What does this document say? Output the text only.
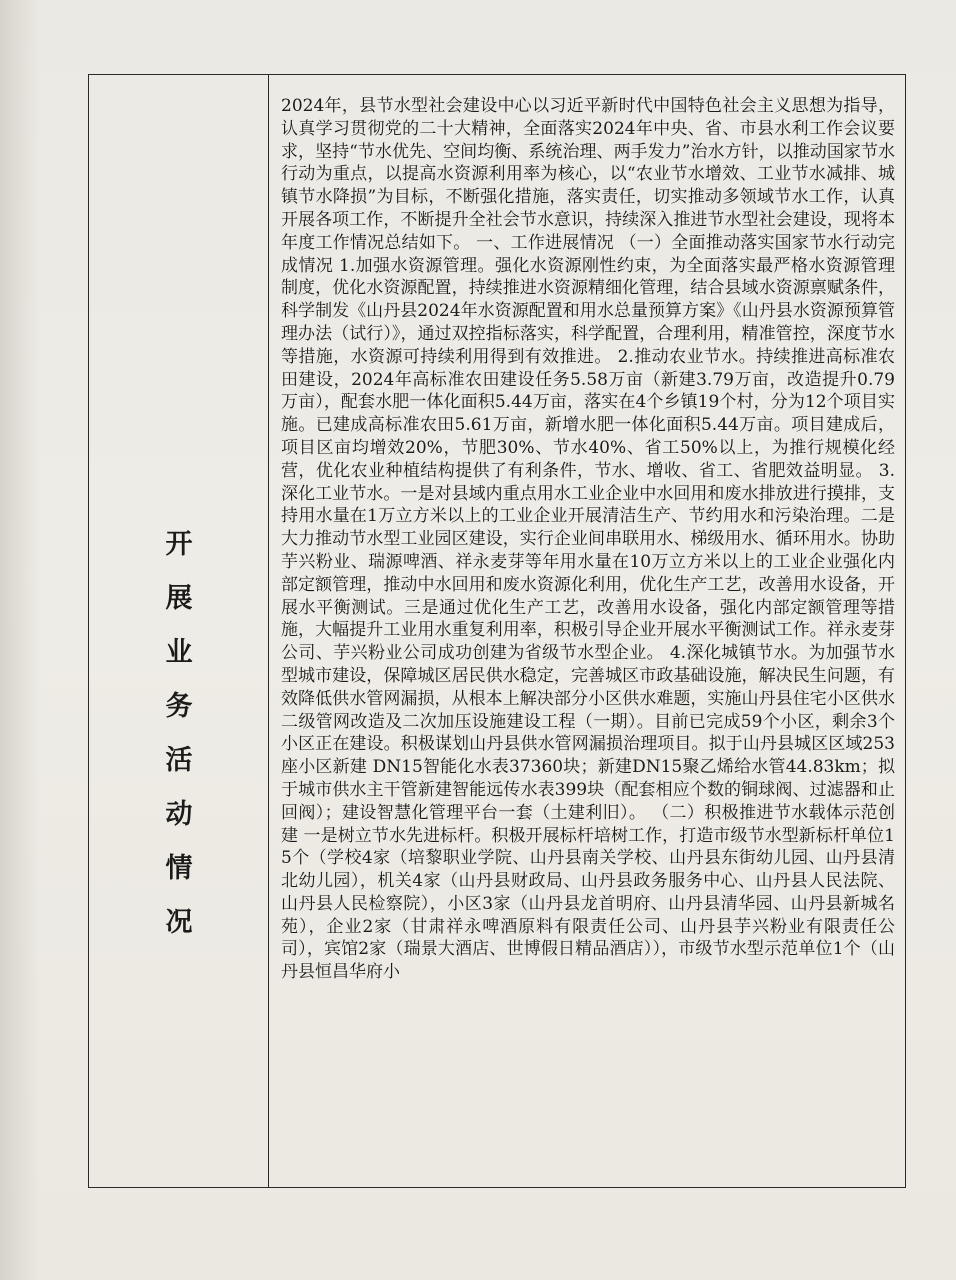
开展业务活动情况

2024年，县节水型社会建设中心以习近平新时代中国特色社会主义思想为指导，认真学习贯彻党的二十大精神，全面落实2024年中央、省、市县水利工作会议要求，坚持“节水优先、空间均衡、系统治理、两手发力”治水方针，以推动国家节水行动为重点，以提高水资源利用率为核心，以“农业节水增效、工业节水减排、城镇节水降损”为目标，不断强化措施，落实责任，切实推动多领域节水工作，认真开展各项工作，不断提升全社会节水意识，持续深入推进节水型社会建设，现将本年度工作情况总结如下。 一、工作进展情况 （一）全面推动落实国家节水行动完成情况 1.加强水资源管理。强化水资源刚性约束，为全面落实最严格水资源管理制度，优化水资源配置，持续推进水资源精细化管理，结合县域水资源禀赋条件，科学制发《山丹县2024年水资源配置和用水总量预算方案》《山丹县水资源预算管理办法（试行）》，通过双控指标落实，科学配置，合理利用，精准管控，深度节水等措施，水资源可持续利用得到有效推进。 2.推动农业节水。持续推进高标准农田建设，2024年高标准农田建设任务5.58万亩（新建3.79万亩，改造提升0.79万亩），配套水肥一体化面积5.44万亩，落实在4个乡镇19个村，分为12个项目实施。已建成高标准农田5.61万亩，新增水肥一体化面积5.44万亩。项目建成后，项目区亩均增效20%，节肥30%、节水40%、省工50%以上，为推行规模化经营，优化农业种植结构提供了有利条件，节水、增收、省工、省肥效益明显。 3.深化工业节水。一是对县域内重点用水工业企业中水回用和废水排放进行摸排，支持用水量在1万立方米以上的工业企业开展清洁生产、节约用水和污染治理。二是大力推动节水型工业园区建设，实行企业间串联用水、梯级用水、循环用水。协助芋兴粉业、瑞源啤酒、祥永麦芽等年用水量在10万立方米以上的工业企业强化内部定额管理，推动中水回用和废水资源化利用，优化生产工艺，改善用水设备，开展水平衡测试。三是通过优化生产工艺，改善用水设备，强化内部定额管理等措施，大幅提升工业用水重复利用率，积极引导企业开展水平衡测试工作。祥永麦芽公司、芋兴粉业公司成功创建为省级节水型企业。 4.深化城镇节水。为加强节水型城市建设，保障城区居民供水稳定，完善城区市政基础设施，解决民生问题，有效降低供水管网漏损，从根本上解决部分小区供水难题，实施山丹县住宅小区供水二级管网改造及二次加压设施建设工程（一期）。目前已完成59个小区，剩余3个小区正在建设。积极谋划山丹县供水管网漏损治理项目。拟于山丹县城区区域253座小区新建 DN15智能化水表37360块；新建DN15聚乙烯给水管44.83km；拟于城市供水主干管新建智能远传水表399块（配套相应个数的铜球阀、过滤器和止回阀）；建设智慧化管理平台一套（土建利旧）。 （二）积极推进节水载体示范创建 一是树立节水先进标杆。积极开展标杆培树工作，打造市级节水型新标杆单位15个（学校4家（培黎职业学院、山丹县南关学校、山丹县东街幼儿园、山丹县清北幼儿园），机关4家（山丹县财政局、山丹县政务服务中心、山丹县人民法院、山丹县人民检察院），小区3家（山丹县龙首明府、山丹县清华园、山丹县新城名苑），企业2家（甘肃祥永啤酒原料有限责任公司、山丹县芋兴粉业有限责任公司），宾馆2家（瑞景大酒店、世博假日精品酒店）），市级节水型示范单位1个（山丹县恒昌华府小
